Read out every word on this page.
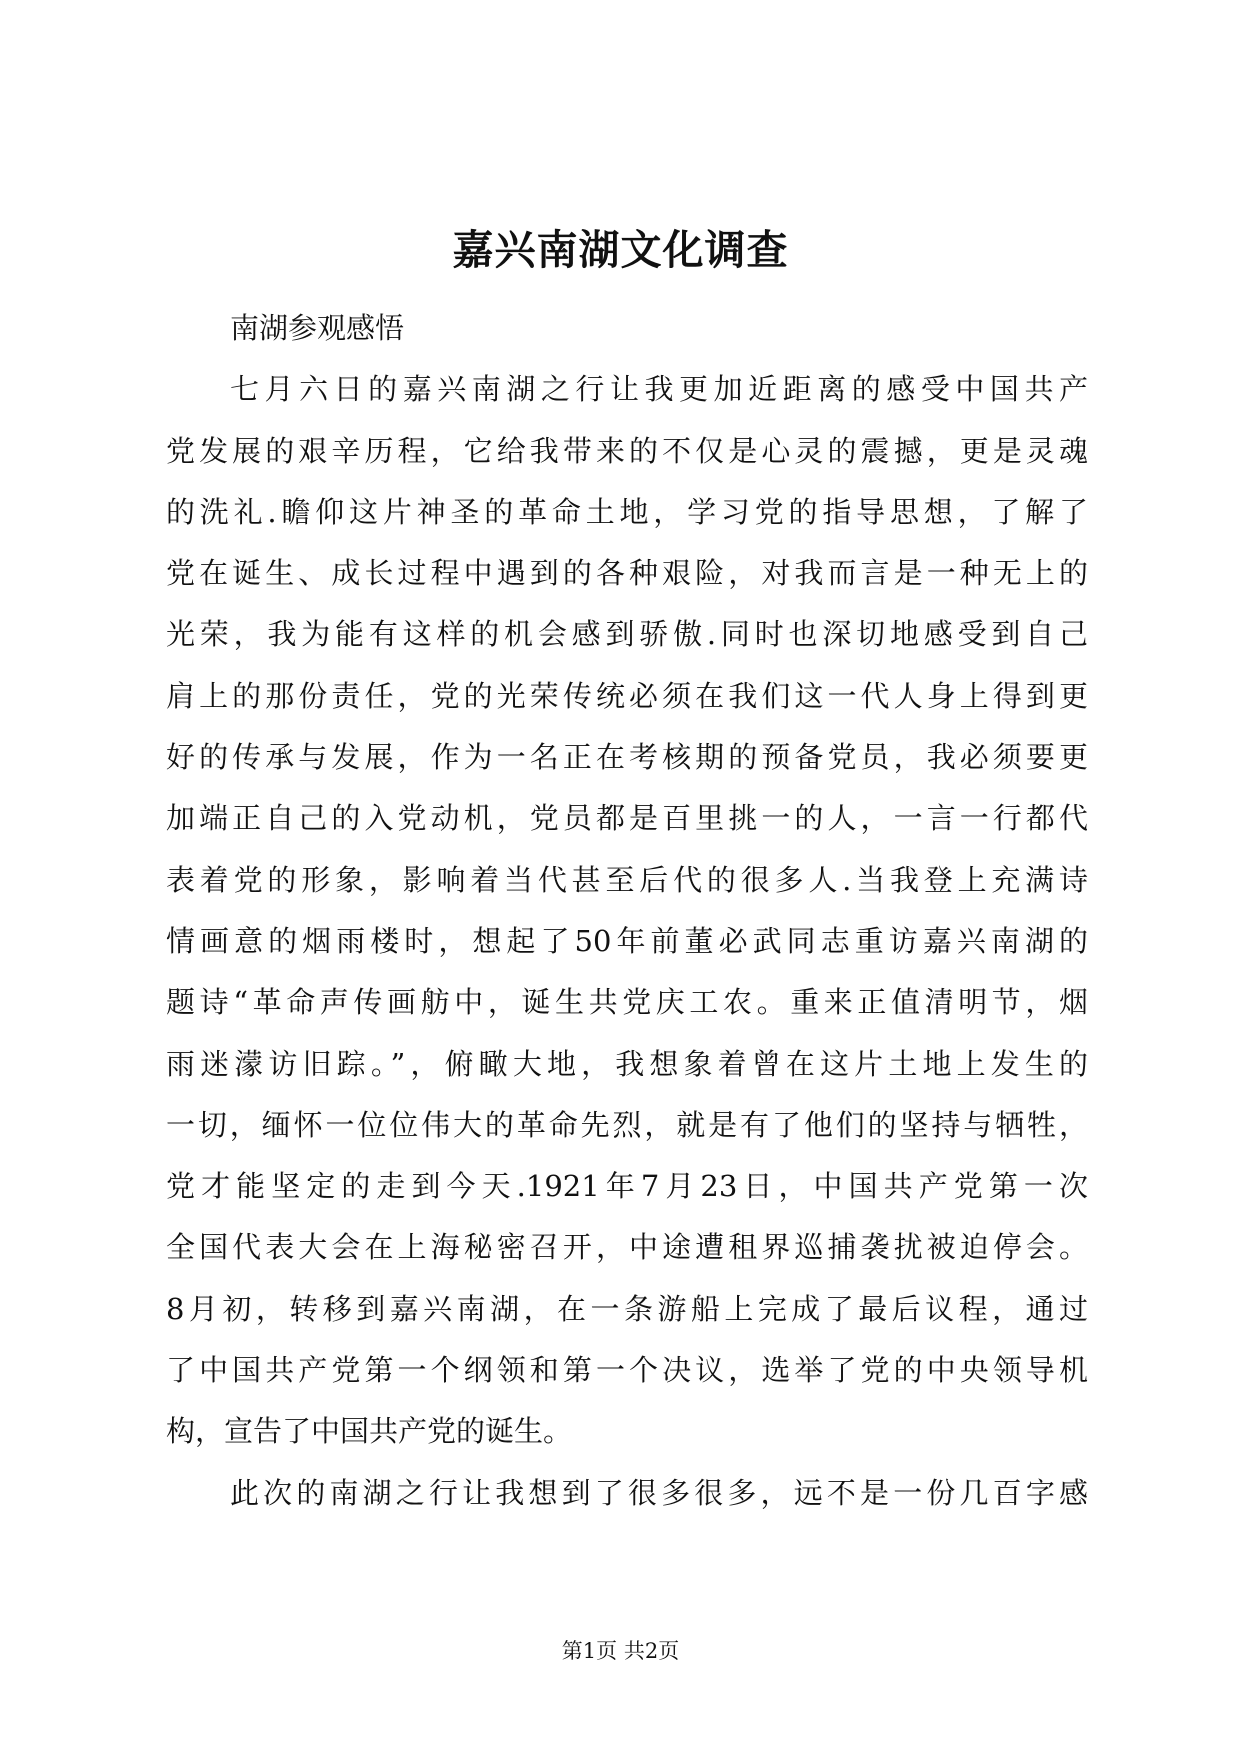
嘉兴南湖文化调查
南湖参观感悟
七月六日的嘉兴南湖之行让我更加近距离的感受中国共产
党发展的艰辛历程，它给我带来的不仅是心灵的震撼，更是灵魂
的洗礼.瞻仰这片神圣的革命土地，学习党的指导思想，了解了
党在诞生、成长过程中遇到的各种艰险，对我而言是一种无上的
光荣，我为能有这样的机会感到骄傲.同时也深切地感受到自己
肩上的那份责任，党的光荣传统必须在我们这一代人身上得到更
好的传承与发展，作为一名正在考核期的预备党员，我必须要更
加端正自己的入党动机，党员都是百里挑一的人，一言一行都代
表着党的形象，影响着当代甚至后代的很多人.当我登上充满诗
情画意的烟雨楼时，想起了50年前董必武同志重访嘉兴南湖的
题诗“革命声传画舫中，诞生共党庆工农。重来正值清明节，烟
雨迷濛访旧踪。”，俯瞰大地，我想象着曾在这片土地上发生的
一切，缅怀一位位伟大的革命先烈，就是有了他们的坚持与牺牲，
党才能坚定的走到今天.1921年7月23日，中国共产党第一次
全国代表大会在上海秘密召开，中途遭租界巡捕袭扰被迫停会。
8月初，转移到嘉兴南湖，在一条游船上完成了最后议程，通过
了中国共产党第一个纲领和第一个决议，选举了党的中央领导机
构，宣告了中国共产党的诞生。
此次的南湖之行让我想到了很多很多，远不是一份几百字感
第1页 共2页
